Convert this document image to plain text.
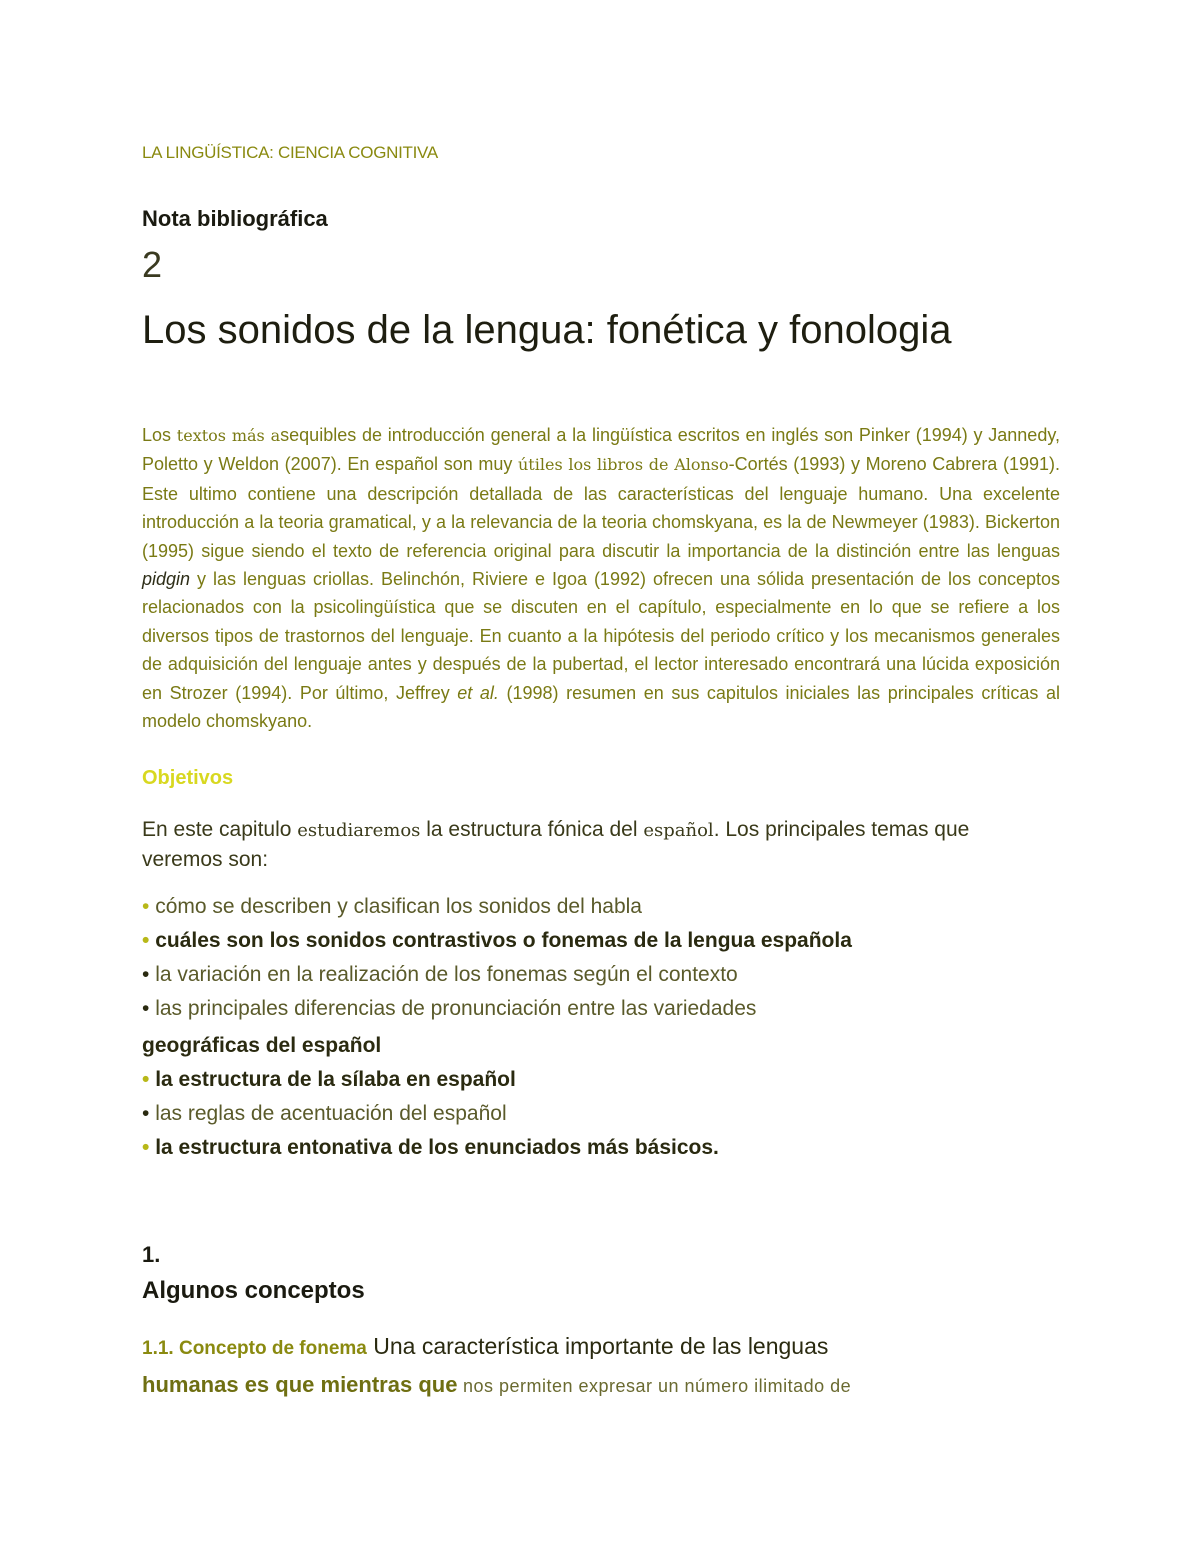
LA LINGÜÍSTICA: CIENCIA COGNITIVA
Nota bibliográfica
2
Los sonidos de la lengua: fonética y fonologia

Los textos más asequibles de introducción general a la lingüística escritos en inglés son Pinker (1994) y Jannedy, Poletto y Weldon (2007). En español son muy útiles los libros de Alonso-Cortés (1993) y Moreno Cabrera (1991). Este ultimo contiene una descripción detallada de las características del lenguaje humano. Una excelente introducción a la teoria gramatical, y a la relevancia de la teoria chomskyana, es la de Newmeyer (1983). Bickerton (1995) sigue siendo el texto de referencia original para discutir la importancia de la distinción entre las lenguas pidgin y las lenguas criollas. Belinchón, Riviere e Igoa (1992) ofrecen una sólida presentación de los conceptos relacionados con la psicolingüística que se discuten en el capítulo, especialmente en lo que se refiere a los diversos tipos de trastornos del lenguaje. En cuanto a la hipótesis del periodo crítico y los mecanismos generales de adquisición del lenguaje antes y después de la pubertad, el lector interesado encontrará una lúcida exposición en Strozer (1994). Por último, Jeffrey et al. (1998) resumen en sus capitulos iniciales las principales críticas al modelo chomskyano.

Objetivos

En este capitulo estudiaremos la estructura fónica del español. Los principales temas que veremos son:

• cómo se describen y clasifican los sonidos del habla
• cuáles son los sonidos contrastivos o fonemas de la lengua española
• la variación en la realización de los fonemas según el contexto
• las principales diferencias de pronunciación entre las variedades
geográficas del español
• la estructura de la sílaba en español
• las reglas de acentuación del español
• la estructura entonativa de los enunciados más básicos.
1.
Algunos conceptos

1.1. Concepto de fonema Una característica importante de las lenguas
humanas es que mientras que nos permiten expresar un número ilimitado de
